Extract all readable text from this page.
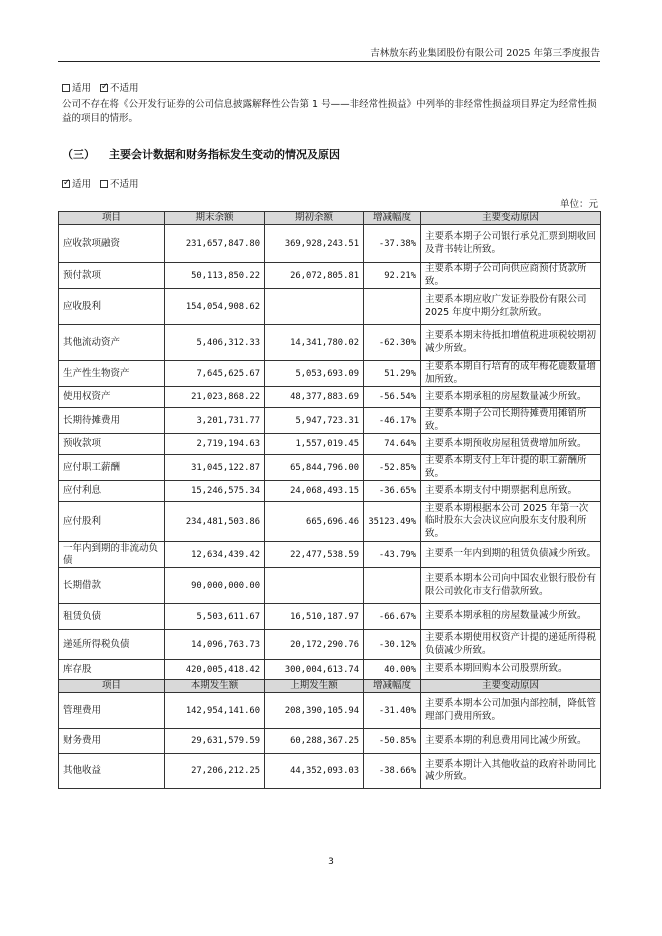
吉林敖东药业集团股份有限公司 2025 年第三季度报告
适用 ✓ 不适用
公司不存在将《公开发行证券的公司信息披露解释性公告第 1 号——非经常性损益》中列举的非经常性损益项目界定为经常性损益的项目的情形。
（三） 主要会计数据和财务指标发生变动的情况及原因
✓适用 不适用
单位：元
项目	期末余额	期初余额	增减幅度	主要变动原因
应收款项融资	231,657,847.80	369,928,243.51	-37.38%	主要系本期子公司银行承兑汇票到期收回及背书转让所致。
预付款项	50,113,850.22	26,072,805.81	92.21%	主要系本期子公司向供应商预付货款所致。
应收股利	154,054,908.62			主要系本期应收广发证券股份有限公司2025 年度中期分红款所致。
其他流动资产	5,406,312.33	14,341,780.02	-62.30%	主要系本期末待抵扣增值税进项税较期初减少所致。
生产性生物资产	7,645,625.67	5,053,693.09	51.29%	主要系本期自行培育的成年梅花鹿数量增加所致。
使用权资产	21,023,868.22	48,377,883.69	-56.54%	主要系本期承租的房屋数量减少所致。
长期待摊费用	3,201,731.77	5,947,723.31	-46.17%	主要系本期子公司长期待摊费用摊销所致。
预收款项	2,719,194.63	1,557,019.45	74.64%	主要系本期预收房屋租赁费增加所致。
应付职工薪酬	31,045,122.87	65,844,796.00	-52.85%	主要系本期支付上年计提的职工薪酬所致。
应付利息	15,246,575.34	24,068,493.15	-36.65%	主要系本期支付中期票据利息所致。
应付股利	234,481,503.86	665,696.46	35123.49%	主要系本期根据本公司 2025 年第一次临时股东大会决议应向股东支付股利所致。
一年内到期的非流动负债	12,634,439.42	22,477,538.59	-43.79%	主要系一年内到期的租赁负债减少所致。
长期借款	90,000,000.00			主要系本期本公司向中国农业银行股份有限公司敦化市支行借款所致。
租赁负债	5,503,611.67	16,510,187.97	-66.67%	主要系本期承租的房屋数量减少所致。
递延所得税负债	14,096,763.73	20,172,290.76	-30.12%	主要系本期使用权资产计提的递延所得税负债减少所致。
库存股	420,005,418.42	300,004,613.74	40.00%	主要系本期回购本公司股票所致。
项目	本期发生额	上期发生额	增减幅度	主要变动原因
管理费用	142,954,141.60	208,390,105.94	-31.40%	主要系本期本公司加强内部控制，降低管理部门费用所致。
财务费用	29,631,579.59	60,288,367.25	-50.85%	主要系本期的利息费用同比减少所致。
其他收益	27,206,212.25	44,352,093.03	-38.66%	主要系本期计入其他收益的政府补助同比减少所致。
3
